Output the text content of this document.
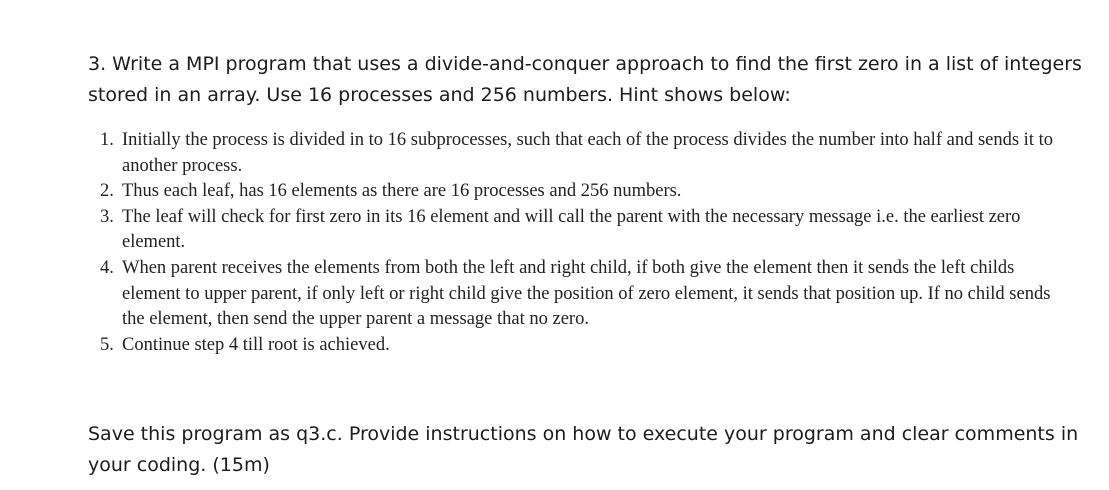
3. Write a MPI program that uses a divide-and-conquer approach to find the first zero in a list of integers stored in an array. Use 16 processes and 256 numbers. Hint shows below:

1. Initially the process is divided in to 16 subprocesses, such that each of the process divides the number into half and sends it to another process.
2. Thus each leaf, has 16 elements as there are 16 processes and 256 numbers.
3. The leaf will check for first zero in its 16 element and will call the parent with the necessary message i.e. the earliest zero element.
4. When parent receives the elements from both the left and right child, if both give the element then it sends the left childs element to upper parent, if only left or right child give the position of zero element, it sends that position up. If no child sends the element, then send the upper parent a message that no zero.
5. Continue step 4 till root is achieved.

Save this program as q3.c. Provide instructions on how to execute your program and clear comments in your coding. (15m)
